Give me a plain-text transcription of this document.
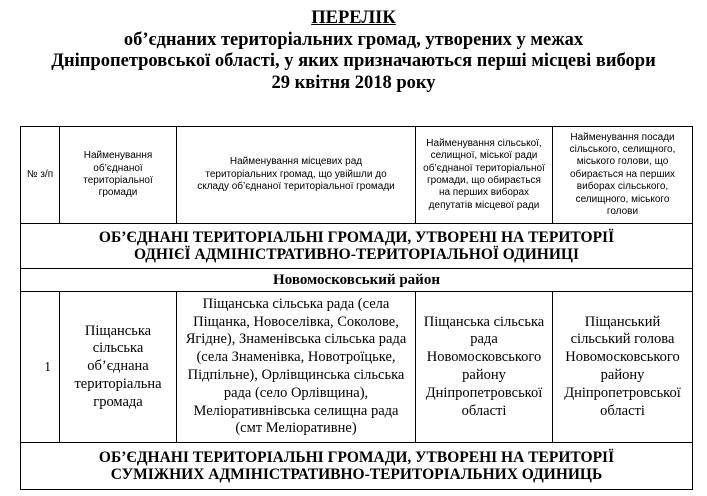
ПЕРЕЛІК
об’єднаних територіальних громад, утворених у межах
Дніпропетровської області, у яких призначаються перші місцеві вибори
29 квітня 2018 року
№ з/п	Найменування об’єднаної територіальної громади	Найменування місцевих рад територіальних громад, що увійшли до складу об’єднаної територіальної громади	Найменування сільської, селищної, міської ради об’єднаної територіальної громади, що обирається на перших виборах депутатів місцевої ради	Найменування посади сільського, селищного, міського голови, що обирається на перших виборах сільського, селищного, міського голови

ОБ’ЄДНАНІ ТЕРИТОРІАЛЬНІ ГРОМАДИ, УТВОРЕНІ НА ТЕРИТОРІЇ
ОДНІЄЇ АДМІНІСТРАТИВНО-ТЕРИТОРІАЛЬНОЇ ОДИНИЦІ				

Новомосковський район				
1	Піщанська сільська об’єднана територіальна громада	Піщанська сільська рада (села Піщанка, Новоселівка, Соколове, Ягідне), Знаменівська сільська рада (села Знаменівка, Новотроїцьке, Підпільне), Орлівщинська сільська рада (село Орлівщина), Меліоративнівська селищна рада (смт Меліоративне)	Піщанська сільська рада Новомосковського району Дніпропетровської області	Піщанський сільський голова Новомосковського району Дніпропетровської області

ОБ’ЄДНАНІ ТЕРИТОРІАЛЬНІ ГРОМАДИ, УТВОРЕНІ НА ТЕРИТОРІЇ
СУМІЖНИХ АДМІНІСТРАТИВНО-ТЕРИТОРІАЛЬНИХ ОДИНИЦЬ				
